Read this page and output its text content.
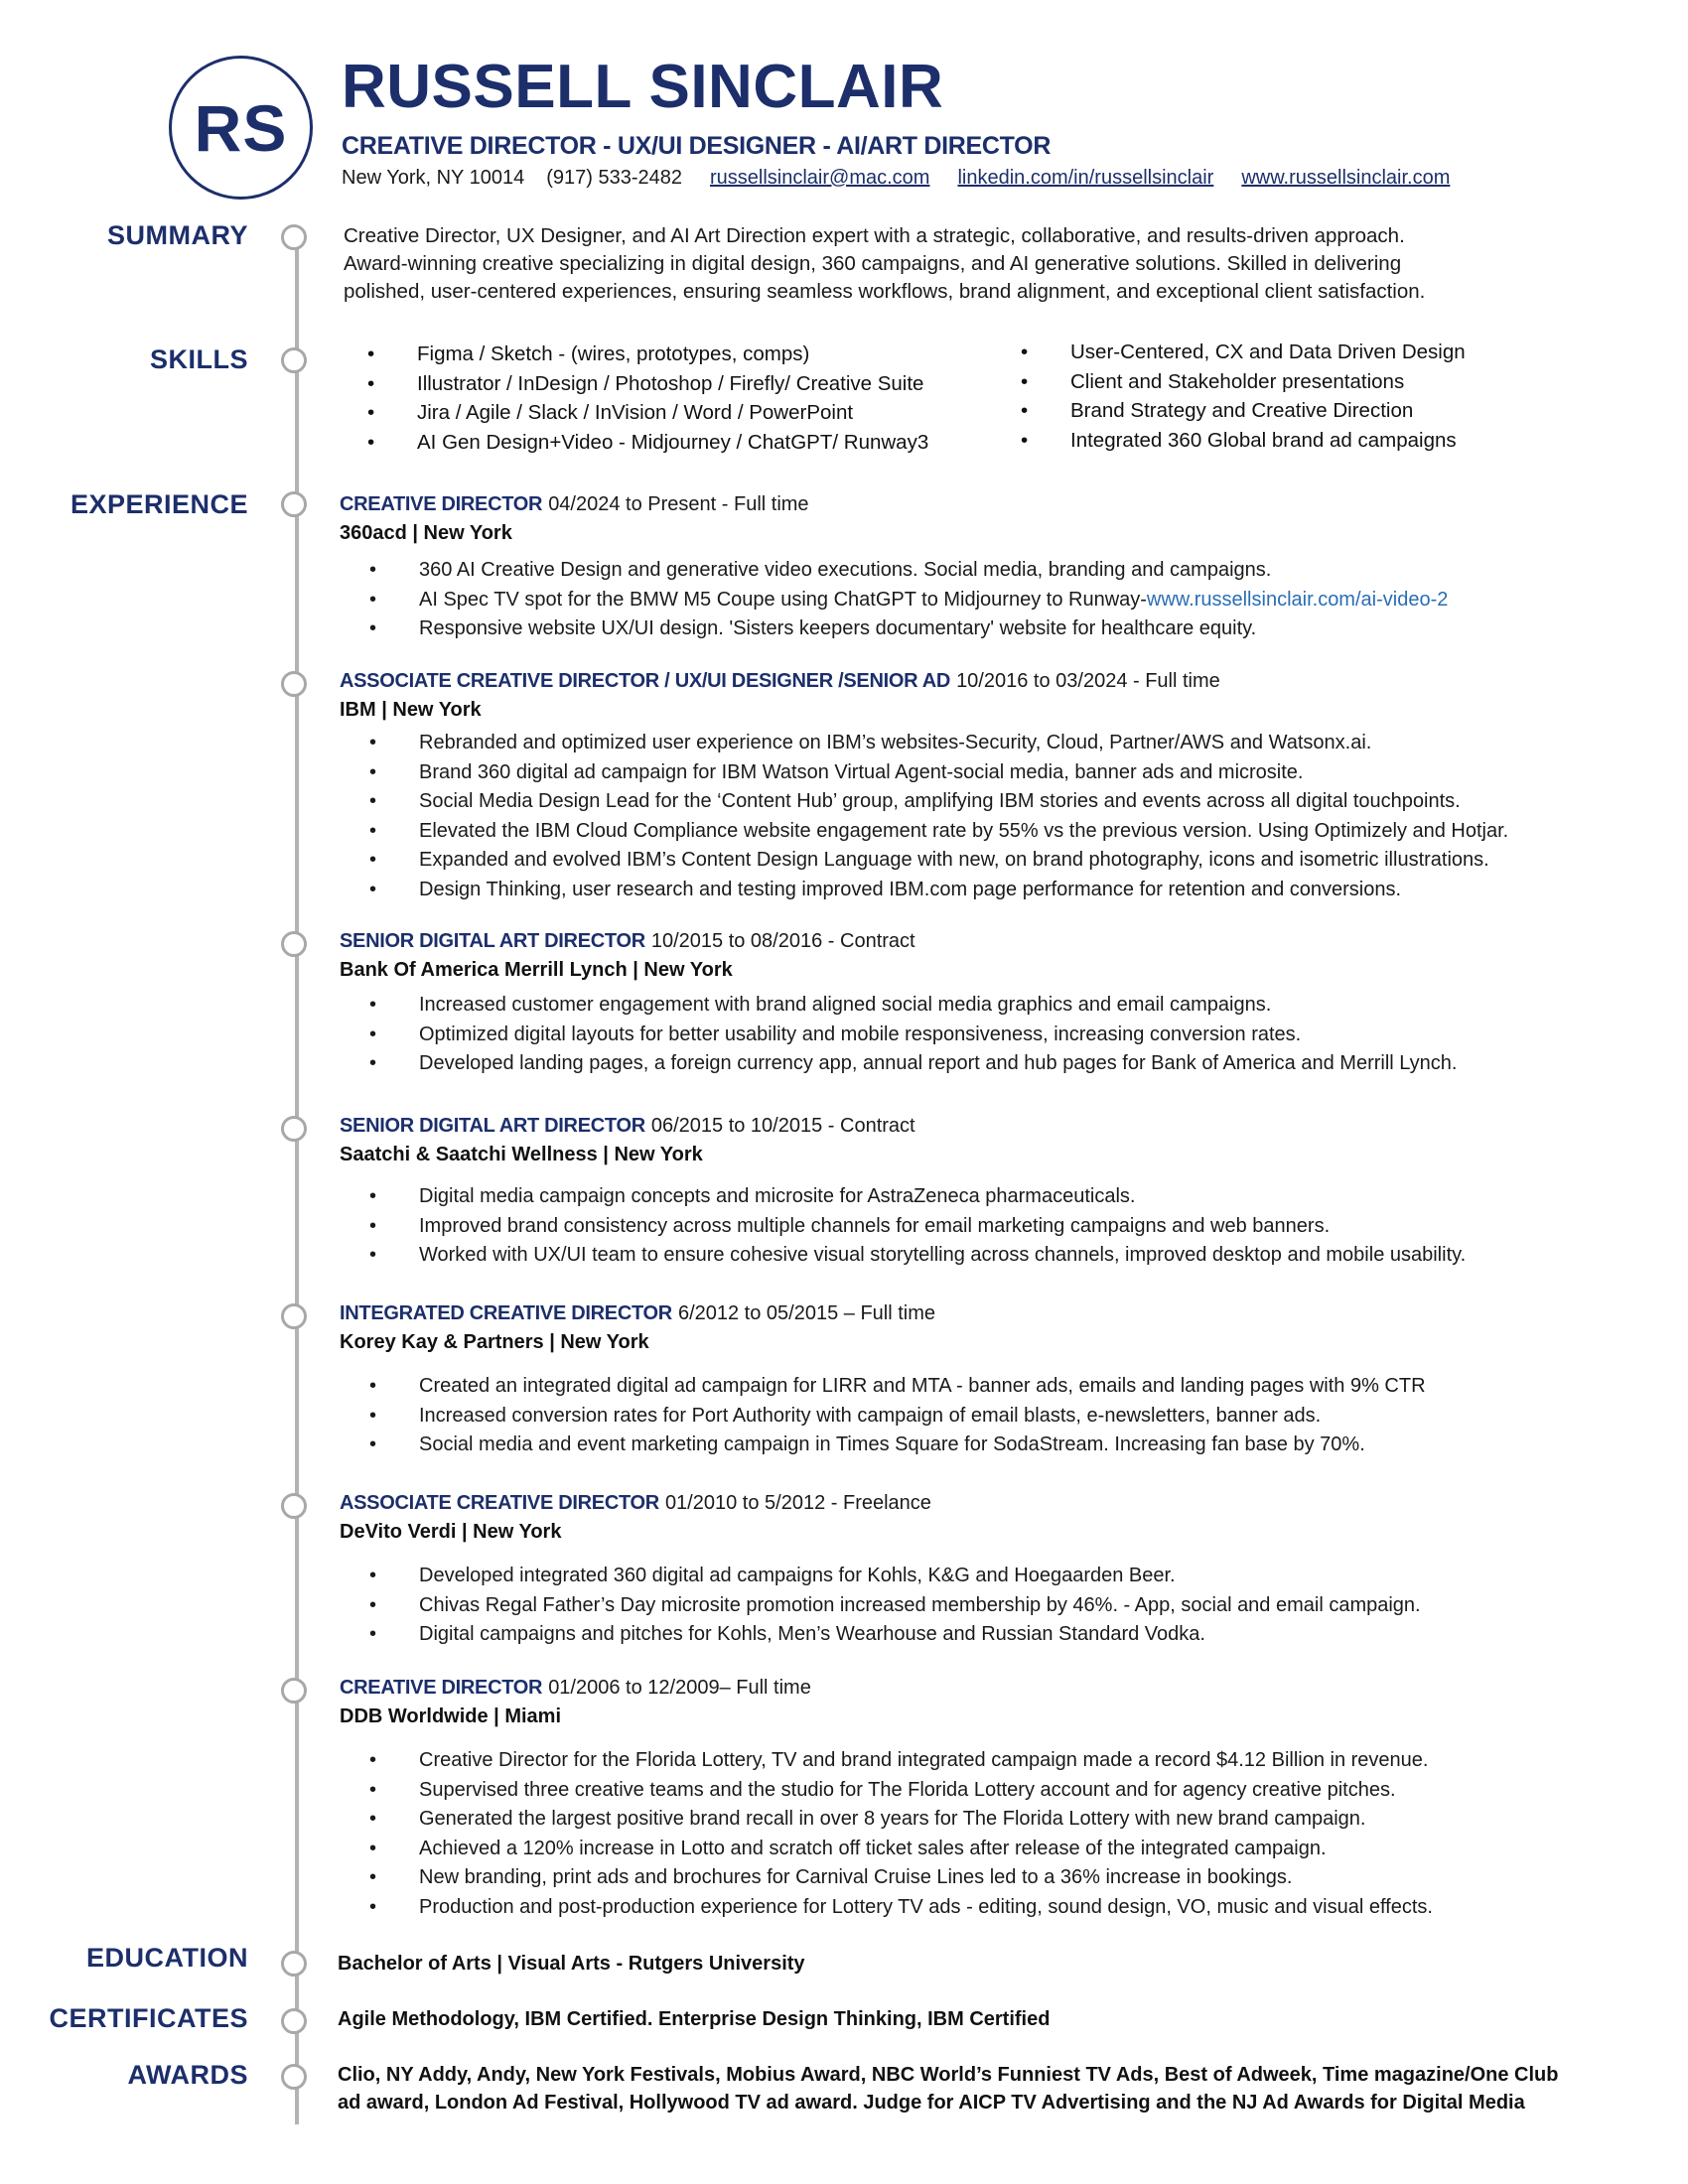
RS
RUSSELL SINCLAIR
CREATIVE DIRECTOR - UX/UI DESIGNER - AI/ART DIRECTOR
New York, NY 10014 (917) 533-2482 russellsinclair@mac.com linkedin.com/in/russellsinclair www.russellsinclair.com
SUMMARY
SKILLS
EXPERIENCE
EDUCATION
CERTIFICATES
AWARDS
Creative Director, UX Designer, and AI Art Direction expert with a strategic, collaborative, and results-driven approach.
Award-winning creative specializing in digital design, 360 campaigns, and AI generative solutions. Skilled in delivering
polished, user-centered experiences, ensuring seamless workflows, brand alignment, and exceptional client satisfaction.
• Figma / Sketch - (wires, prototypes, comps)
• Illustrator / InDesign / Photoshop / Firefly/ Creative Suite
• Jira / Agile / Slack / InVision / Word / PowerPoint
• AI Gen Design+Video - Midjourney / ChatGPT/ Runway3
• User-Centered, CX and Data Driven Design
• Client and Stakeholder presentations
• Brand Strategy and Creative Direction
• Integrated 360 Global brand ad campaigns
CREATIVE DIRECTOR 04/2024 to Present - Full time
360acd | New York
• 360 AI Creative Design and generative video executions. Social media, branding and campaigns.
• AI Spec TV spot for the BMW M5 Coupe using ChatGPT to Midjourney to Runway-www.russellsinclair.com/ai-video-2
• Responsive website UX/UI design. 'Sisters keepers documentary' website for healthcare equity.
ASSOCIATE CREATIVE DIRECTOR / UX/UI DESIGNER /SENIOR AD 10/2016 to 03/2024 - Full time
IBM | New York
• Rebranded and optimized user experience on IBM’s websites-Security, Cloud, Partner/AWS and Watsonx.ai.
• Brand 360 digital ad campaign for IBM Watson Virtual Agent-social media, banner ads and microsite.
• Social Media Design Lead for the ‘Content Hub’ group, amplifying IBM stories and events across all digital touchpoints.
• Elevated the IBM Cloud Compliance website engagement rate by 55% vs the previous version. Using Optimizely and Hotjar.
• Expanded and evolved IBM’s Content Design Language with new, on brand photography, icons and isometric illustrations.
• Design Thinking, user research and testing improved IBM.com page performance for retention and conversions.
SENIOR DIGITAL ART DIRECTOR 10/2015 to 08/2016 - Contract
Bank Of America Merrill Lynch | New York
• Increased customer engagement with brand aligned social media graphics and email campaigns.
• Optimized digital layouts for better usability and mobile responsiveness, increasing conversion rates.
• Developed landing pages, a foreign currency app, annual report and hub pages for Bank of America and Merrill Lynch.
SENIOR DIGITAL ART DIRECTOR 06/2015 to 10/2015 - Contract
Saatchi & Saatchi Wellness | New York
• Digital media campaign concepts and microsite for AstraZeneca pharmaceuticals.
• Improved brand consistency across multiple channels for email marketing campaigns and web banners.
• Worked with UX/UI team to ensure cohesive visual storytelling across channels, improved desktop and mobile usability.
INTEGRATED CREATIVE DIRECTOR 6/2012 to 05/2015 – Full time
Korey Kay & Partners | New York
• Created an integrated digital ad campaign for LIRR and MTA - banner ads, emails and landing pages with 9% CTR
• Increased conversion rates for Port Authority with campaign of email blasts, e-newsletters, banner ads.
• Social media and event marketing campaign in Times Square for SodaStream. Increasing fan base by 70%.
ASSOCIATE CREATIVE DIRECTOR 01/2010 to 5/2012 - Freelance
DeVito Verdi | New York
• Developed integrated 360 digital ad campaigns for Kohls, K&G and Hoegaarden Beer.
• Chivas Regal Father’s Day microsite promotion increased membership by 46%. - App, social and email campaign.
• Digital campaigns and pitches for Kohls, Men’s Wearhouse and Russian Standard Vodka.
CREATIVE DIRECTOR 01/2006 to 12/2009– Full time
DDB Worldwide | Miami
• Creative Director for the Florida Lottery, TV and brand integrated campaign made a record $4.12 Billion in revenue.
• Supervised three creative teams and the studio for The Florida Lottery account and for agency creative pitches.
• Generated the largest positive brand recall in over 8 years for The Florida Lottery with new brand campaign.
• Achieved a 120% increase in Lotto and scratch off ticket sales after release of the integrated campaign.
• New branding, print ads and brochures for Carnival Cruise Lines led to a 36% increase in bookings.
• Production and post-production experience for Lottery TV ads - editing, sound design, VO, music and visual effects.
Bachelor of Arts | Visual Arts - Rutgers University
Agile Methodology, IBM Certified. Enterprise Design Thinking, IBM Certified
Clio, NY Addy, Andy, New York Festivals, Mobius Award, NBC World’s Funniest TV Ads, Best of Adweek, Time magazine/One Club
ad award, London Ad Festival, Hollywood TV ad award. Judge for AICP TV Advertising and the NJ Ad Awards for Digital Media
